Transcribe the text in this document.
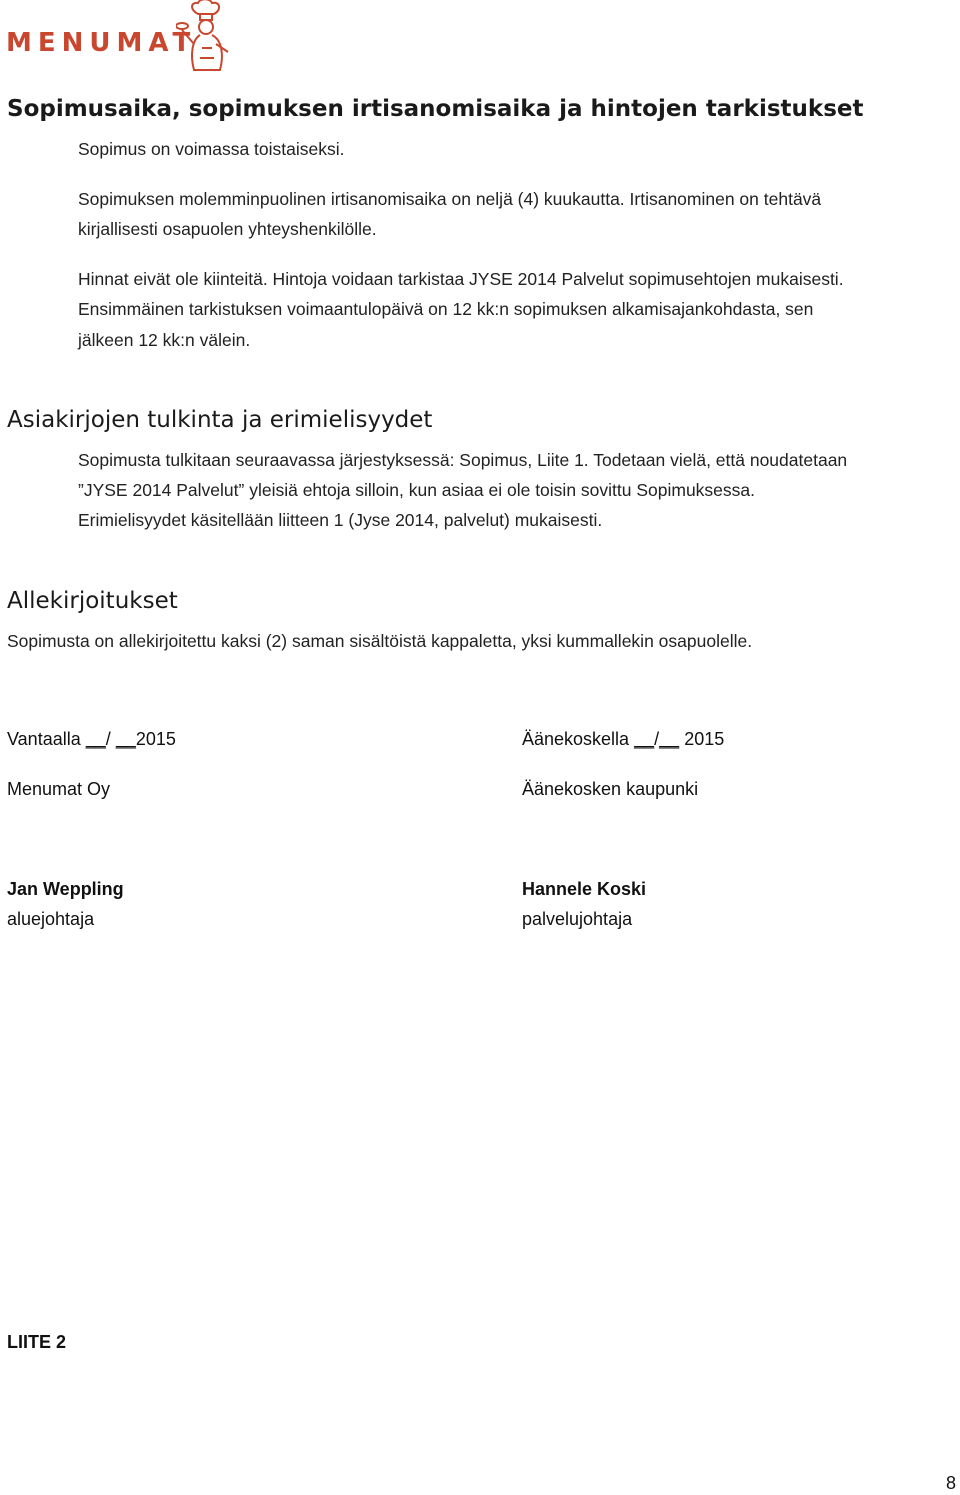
MENUMAT
Sopimusaika, sopimuksen irtisanomisaika ja hintojen tarkistukset
Sopimus on voimassa toistaiseksi.
Sopimuksen molemminpuolinen irtisanomisaika on neljä (4) kuukautta. Irtisanominen on tehtävä
kirjallisesti osapuolen yhteyshenkilölle.
Hinnat eivät ole kiinteitä. Hintoja voidaan tarkistaa JYSE 2014 Palvelut sopimusehtojen mukaisesti.
Ensimmäinen tarkistuksen voimaantulopäivä on 12 kk:n sopimuksen alkamisajankohdasta, sen
jälkeen 12 kk:n välein.
Asiakirjojen tulkinta ja erimielisyydet
Sopimusta tulkitaan seuraavassa järjestyksessä: Sopimus, Liite 1. Todetaan vielä, että noudatetaan
”JYSE 2014 Palvelut” yleisiä ehtoja silloin, kun asiaa ei ole toisin sovittu Sopimuksessa.
Erimielisyydet käsitellään liitteen 1 (Jyse 2014, palvelut) mukaisesti.
Allekirjoitukset
Sopimusta on allekirjoitettu kaksi (2) saman sisältöistä kappaletta, yksi kummallekin osapuolelle.
Vantaalla __/ __2015
Menumat Oy
Jan Weppling
aluejohtaja
Äänekoskella __/__ 2015
Äänekosken kaupunki
Hannele Koski
palvelujohtaja
LIITE 2
8
